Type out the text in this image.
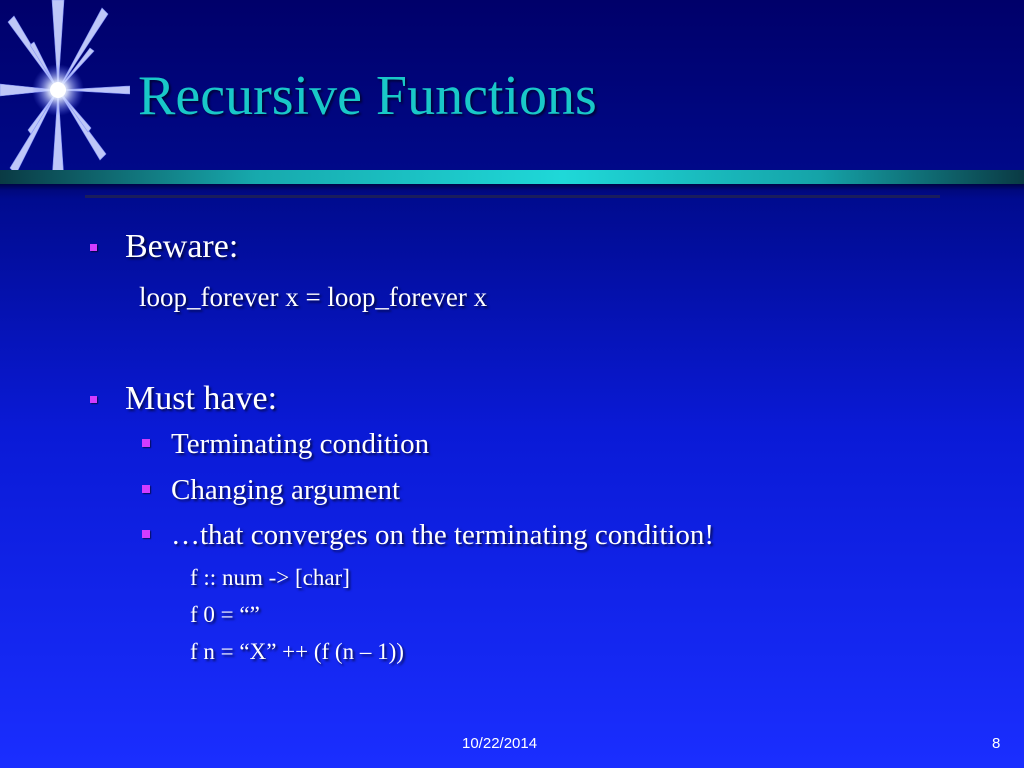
Recursive Functions
Beware:
loop_forever x = loop_forever x
Must have:
Terminating condition
Changing argument
…that converges on the terminating condition!
f :: num -> [char]
f 0 = “”
f n = “X” ++ (f (n – 1))
10/22/2014	8
